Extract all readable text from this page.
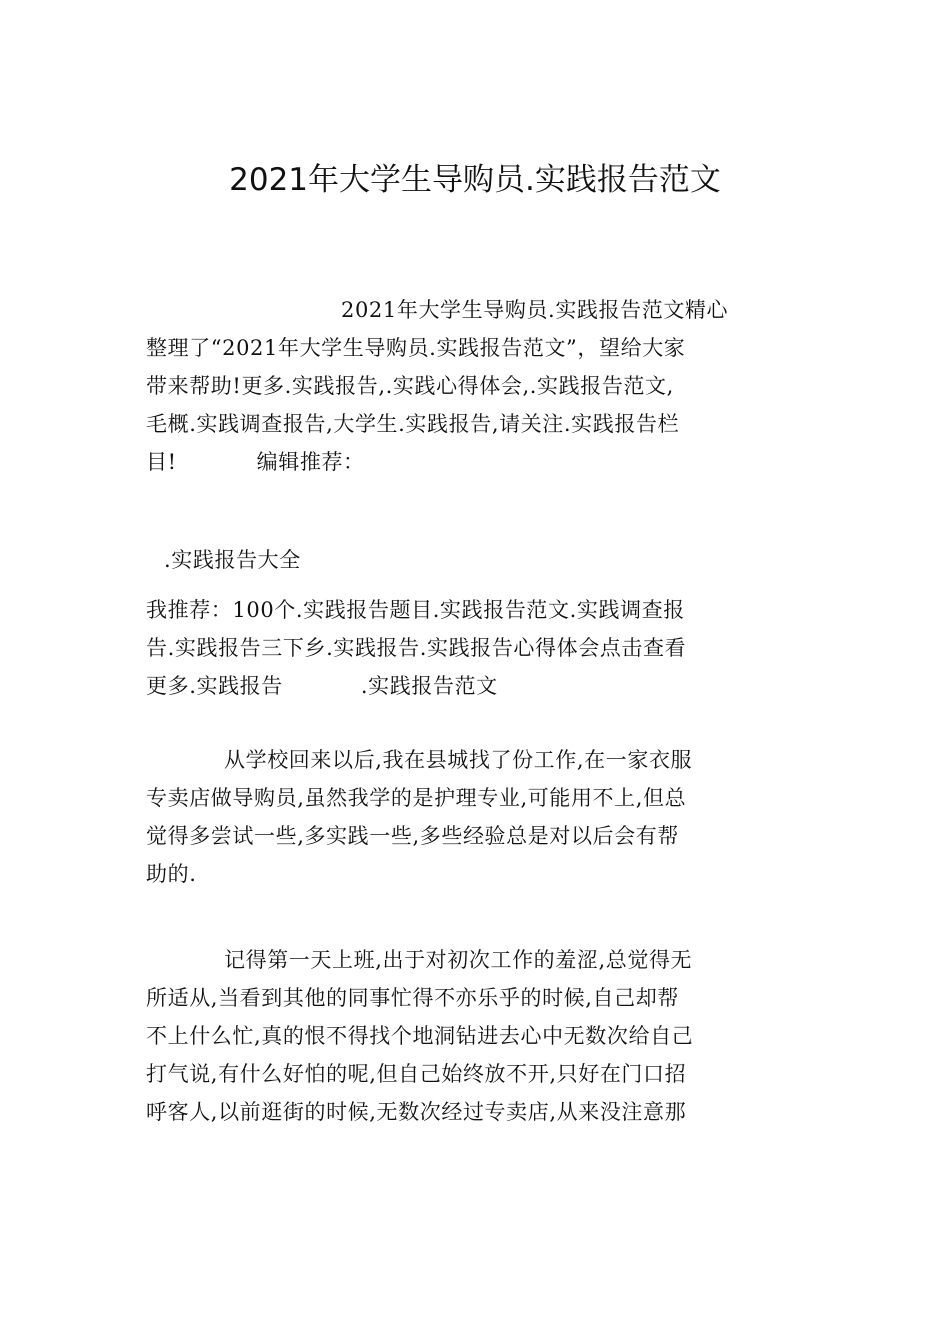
2021年大学生导购员.实践报告范文
2021年大学生导购员.实践报告范文精心
整理了“2021年大学生导购员.实践报告范文”，望给大家
带来帮助!更多.实践报告,.实践心得体会,.实践报告范文,
毛概.实践调查报告,大学生.实践报告,请关注.实践报告栏
目!	编辑推荐：
.实践报告大全
我推荐：100个.实践报告题目.实践报告范文.实践调查报
告.实践报告三下乡.实践报告.实践报告心得体会点击查看
更多.实践报告	.实践报告范文
从学校回来以后,我在县城找了份工作,在一家衣服
专卖店做导购员,虽然我学的是护理专业,可能用不上,但总
觉得多尝试一些,多实践一些,多些经验总是对以后会有帮
助的.
记得第一天上班,出于对初次工作的羞涩,总觉得无
所适从,当看到其他的同事忙得不亦乐乎的时候,自己却帮
不上什么忙,真的恨不得找个地洞钻进去心中无数次给自己
打气说,有什么好怕的呢,但自己始终放不开,只好在门口招
呼客人,以前逛街的时候,无数次经过专卖店,从来没注意那
